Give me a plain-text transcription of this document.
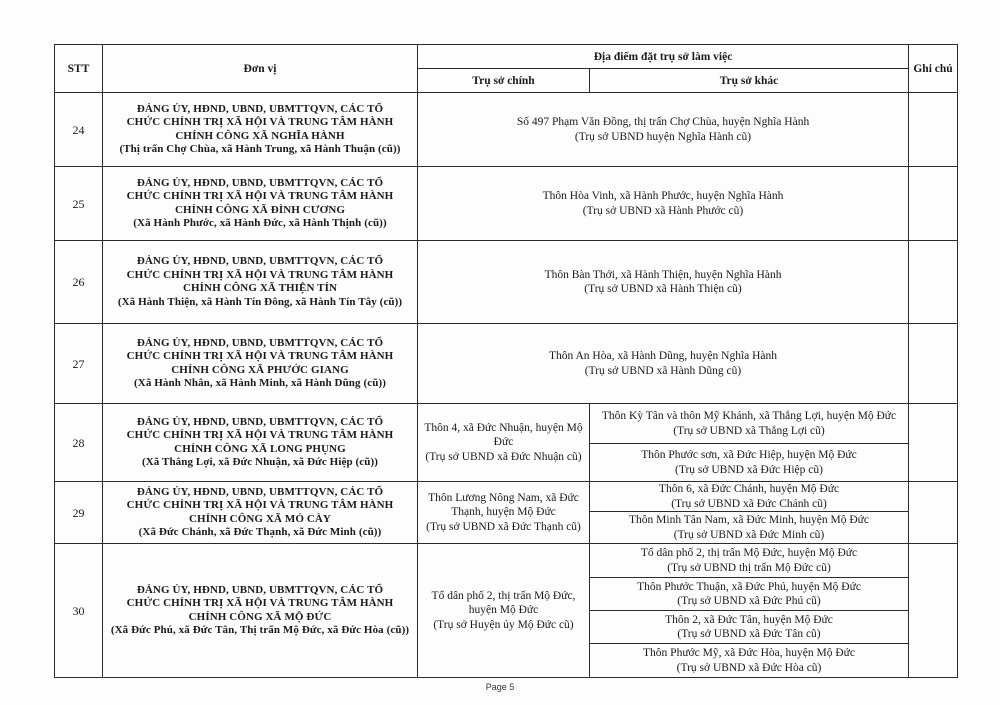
STT	Đơn vị	Địa điểm đặt trụ sở làm việc		Ghi chú
		Trụ sở chính	Trụ sở khác	
24	ĐẢNG ỦY, HĐND, UBND, UBMTTQVN, CÁC TỔ
CHỨC CHÍNH TRỊ XÃ HỘI VÀ TRUNG TÂM HÀNH
CHÍNH CÔNG XÃ NGHĨA HÀNH
(Thị trấn Chợ Chùa, xã Hành Trung, xã Hành Thuận (cũ))	Số 497 Phạm Văn Đồng, thị trấn Chợ Chùa, huyện Nghĩa Hành
(Trụ sở UBND huyện Nghĩa Hành cũ)		

25	ĐẢNG ỦY, HĐND, UBND, UBMTTQVN, CÁC TỔ
CHỨC CHÍNH TRỊ XÃ HỘI VÀ TRUNG TÂM HÀNH
CHÍNH CÔNG XÃ ĐÌNH CƯƠNG
(Xã Hành Phước, xã Hành Đức, xã Hành Thịnh (cũ))	Thôn Hòa Vinh, xã Hành Phước, huyện Nghĩa Hành
(Trụ sở UBND xã Hành Phước cũ)		

26	ĐẢNG ỦY, HĐND, UBND, UBMTTQVN, CÁC TỔ
CHỨC CHÍNH TRỊ XÃ HỘI VÀ TRUNG TÂM HÀNH
CHÍNH CÔNG XÃ THIỆN TÍN
(Xã Hành Thiện, xã Hành Tín Đông, xã Hành Tín Tây (cũ))	Thôn Bàn Thới, xã Hành Thiện, huyện Nghĩa Hành
(Trụ sở UBND xã Hành Thiện cũ)		

27	ĐẢNG ỦY, HĐND, UBND, UBMTTQVN, CÁC TỔ
CHỨC CHÍNH TRỊ XÃ HỘI VÀ TRUNG TÂM HÀNH
CHÍNH CÔNG XÃ PHƯỚC GIANG
(Xã Hành Nhân, xã Hành Minh, xã Hành Dũng (cũ))	Thôn An Hòa, xã Hành Dũng, huyện Nghĩa Hành
(Trụ sở UBND xã Hành Dũng cũ)		

28	ĐẢNG ỦY, HĐND, UBND, UBMTTQVN, CÁC TỔ
CHỨC CHÍNH TRỊ XÃ HỘI VÀ TRUNG TÂM HÀNH
CHÍNH CÔNG XÃ LONG PHỤNG
(Xã Thắng Lợi, xã Đức Nhuận, xã Đức Hiệp (cũ))	Thôn 4, xã Đức Nhuận, huyện Mộ
Đức
(Trụ sở UBND xã Đức Nhuận cũ)	Thôn Kỳ Tân và thôn Mỹ Khánh, xã Thắng Lợi, huyện Mộ Đức
(Trụ sở UBND xã Thắng Lợi cũ)	

			Thôn Phước sơn, xã Đức Hiệp, huyện Mộ Đức
(Trụ sở UBND xã Đức Hiệp cũ)	

29	ĐẢNG ỦY, HĐND, UBND, UBMTTQVN, CÁC TỔ
CHỨC CHÍNH TRỊ XÃ HỘI VÀ TRUNG TÂM HÀNH
CHÍNH CÔNG XÃ MỎ CÀY
(Xã Đức Chánh, xã Đức Thạnh, xã Đức Minh (cũ))	Thôn Lương Nông Nam, xã Đức
Thạnh, huyện Mộ Đức
(Trụ sở UBND xã Đức Thạnh cũ)	Thôn 6, xã Đức Chánh, huyện Mộ Đức
(Trụ sở UBND xã Đức Chánh cũ)	

			Thôn Minh Tân Nam, xã Đức Minh, huyện Mộ Đức
(Trụ sở UBND xã Đức Minh cũ)	

30	ĐẢNG ỦY, HĐND, UBND, UBMTTQVN, CÁC TỔ
CHỨC CHÍNH TRỊ XÃ HỘI VÀ TRUNG TÂM HÀNH
CHÍNH CÔNG XÃ MỘ ĐỨC
(Xã Đức Phú, xã Đức Tân, Thị trấn Mộ Đức, xã Đức Hòa (cũ))	Tổ dân phố 2, thị trấn Mộ Đức,
huyện Mộ Đức
(Trụ sở Huyện ủy Mộ Đức cũ)	Tổ dân phố 2, thị trấn Mộ Đức, huyện Mộ Đức
(Trụ sở UBND thị trấn Mộ Đức cũ)	

			Thôn Phước Thuận, xã Đức Phú, huyện Mộ Đức
(Trụ sở UBND xã Đức Phú cũ)	

			Thôn 2, xã Đức Tân, huyện Mộ Đức
(Trụ sở UBND xã Đức Tân cũ)	

			Thôn Phước Mỹ, xã Đức Hòa, huyện Mộ Đức
(Trụ sở UBND xã Đức Hòa cũ)	
Page 5
